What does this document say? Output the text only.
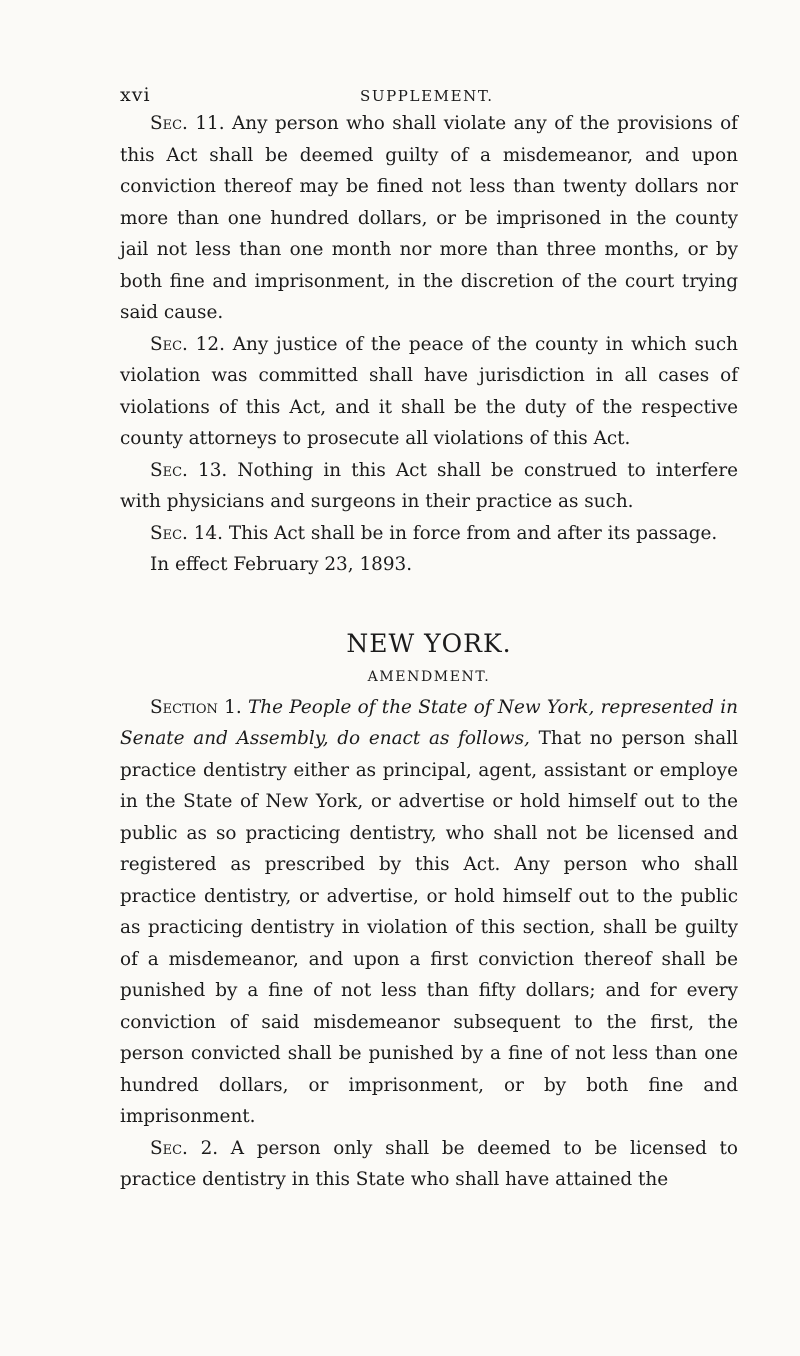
xvi	SUPPLEMENT.

Sec. 11. Any person who shall violate any of the provisions of this Act shall be deemed guilty of a misdemeanor, and upon conviction thereof may be fined not less than twenty dollars nor more than one hundred dollars, or be imprisoned in the county jail not less than one month nor more than three months, or by both fine and imprisonment, in the discretion of the court trying said cause.

Sec. 12. Any justice of the peace of the county in which such violation was committed shall have jurisdiction in all cases of violations of this Act, and it shall be the duty of the respective county attorneys to prosecute all violations of this Act.

Sec. 13. Nothing in this Act shall be construed to interfere with physicians and surgeons in their practice as such.

Sec. 14. This Act shall be in force from and after its passage.

In effect February 23, 1893.

NEW YORK.
AMENDMENT.

Section 1. The People of the State of New York, represented in Senate and Assembly, do enact as follows, That no person shall practice dentistry either as principal, agent, assistant or employe in the State of New York, or advertise or hold himself out to the public as so practicing dentistry, who shall not be licensed and registered as prescribed by this Act. Any person who shall practice dentistry, or advertise, or hold himself out to the public as practicing dentistry in violation of this section, shall be guilty of a misdemeanor, and upon a first conviction thereof shall be punished by a fine of not less than fifty dollars; and for every conviction of said misdemeanor subsequent to the first, the person convicted shall be punished by a fine of not less than one hundred dollars, or imprisonment, or by both fine and imprisonment.

Sec. 2. A person only shall be deemed to be licensed to practice dentistry in this State who shall have attained the
